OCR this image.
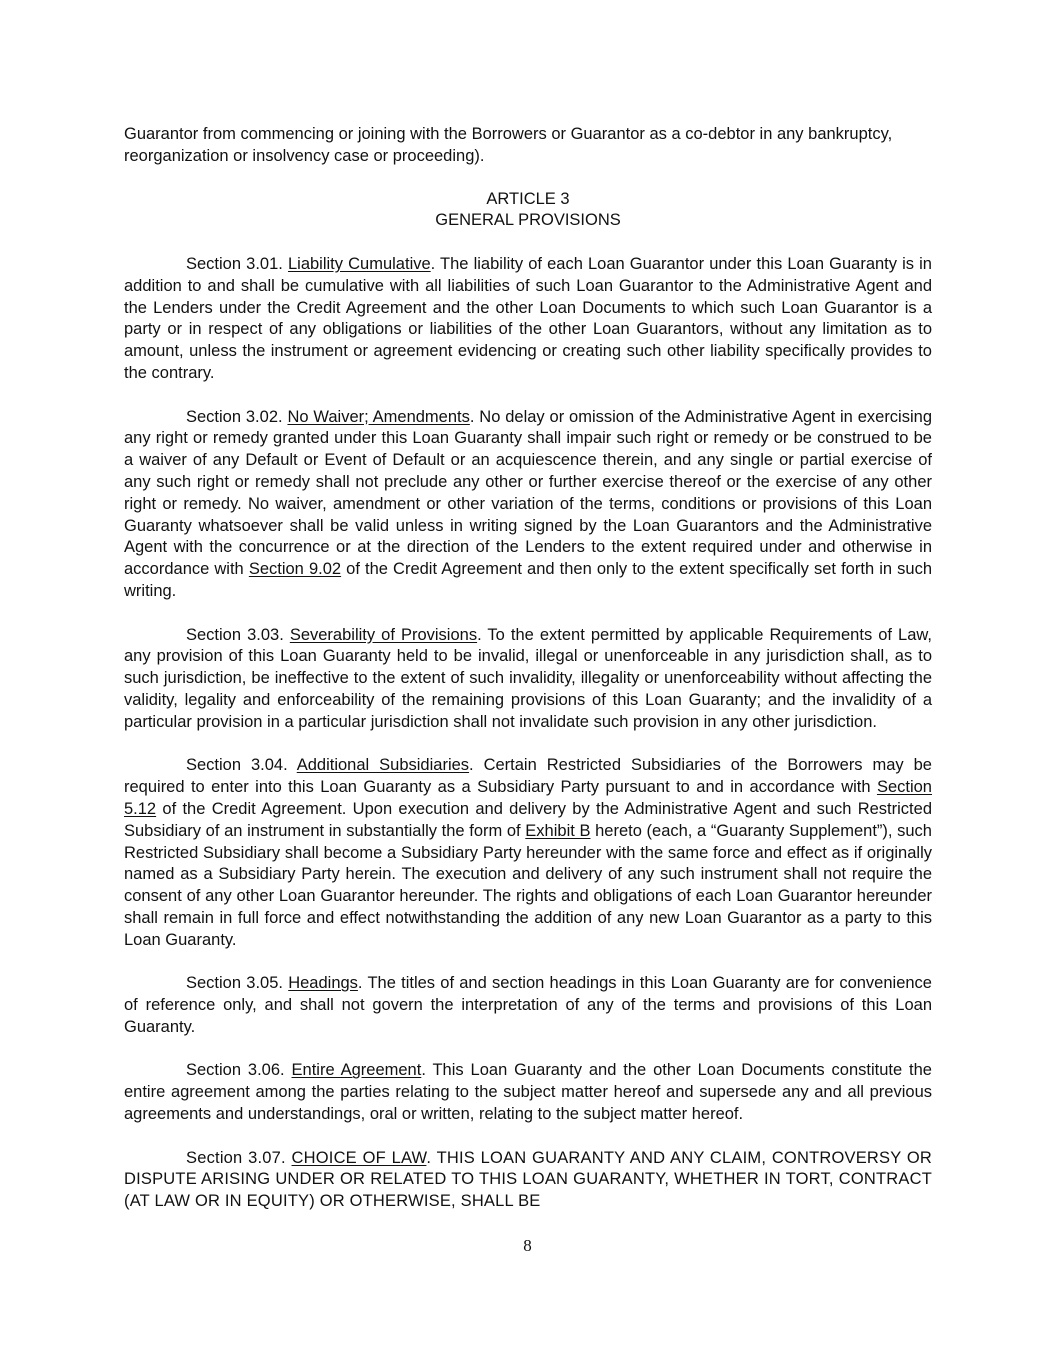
Guarantor from commencing or joining with the Borrowers or Guarantor as a co-debtor in any bankruptcy, reorganization or insolvency case or proceeding).

ARTICLE 3
GENERAL PROVISIONS

Section 3.01. Liability Cumulative. The liability of each Loan Guarantor under this Loan Guaranty is in addition to and shall be cumulative with all liabilities of such Loan Guarantor to the Administrative Agent and the Lenders under the Credit Agreement and the other Loan Documents to which such Loan Guarantor is a party or in respect of any obligations or liabilities of the other Loan Guarantors, without any limitation as to amount, unless the instrument or agreement evidencing or creating such other liability specifically provides to the contrary.

Section 3.02. No Waiver; Amendments. No delay or omission of the Administrative Agent in exercising any right or remedy granted under this Loan Guaranty shall impair such right or remedy or be construed to be a waiver of any Default or Event of Default or an acquiescence therein, and any single or partial exercise of any such right or remedy shall not preclude any other or further exercise thereof or the exercise of any other right or remedy. No waiver, amendment or other variation of the terms, conditions or provisions of this Loan Guaranty whatsoever shall be valid unless in writing signed by the Loan Guarantors and the Administrative Agent with the concurrence or at the direction of the Lenders to the extent required under and otherwise in accordance with Section 9.02 of the Credit Agreement and then only to the extent specifically set forth in such writing.

Section 3.03. Severability of Provisions. To the extent permitted by applicable Requirements of Law, any provision of this Loan Guaranty held to be invalid, illegal or unenforceable in any jurisdiction shall, as to such jurisdiction, be ineffective to the extent of such invalidity, illegality or unenforceability without affecting the validity, legality and enforceability of the remaining provisions of this Loan Guaranty; and the invalidity of a particular provision in a particular jurisdiction shall not invalidate such provision in any other jurisdiction.

Section 3.04. Additional Subsidiaries. Certain Restricted Subsidiaries of the Borrowers may be required to enter into this Loan Guaranty as a Subsidiary Party pursuant to and in accordance with Section 5.12 of the Credit Agreement. Upon execution and delivery by the Administrative Agent and such Restricted Subsidiary of an instrument in substantially the form of Exhibit B hereto (each, a “Guaranty Supplement”), such Restricted Subsidiary shall become a Subsidiary Party hereunder with the same force and effect as if originally named as a Subsidiary Party herein. The execution and delivery of any such instrument shall not require the consent of any other Loan Guarantor hereunder. The rights and obligations of each Loan Guarantor hereunder shall remain in full force and effect notwithstanding the addition of any new Loan Guarantor as a party to this Loan Guaranty.

Section 3.05. Headings. The titles of and section headings in this Loan Guaranty are for convenience of reference only, and shall not govern the interpretation of any of the terms and provisions of this Loan Guaranty.

Section 3.06. Entire Agreement. This Loan Guaranty and the other Loan Documents constitute the entire agreement among the parties relating to the subject matter hereof and supersede any and all previous agreements and understandings, oral or written, relating to the subject matter hereof.

Section 3.07. CHOICE OF LAW. THIS LOAN GUARANTY AND ANY CLAIM, CONTROVERSY OR DISPUTE ARISING UNDER OR RELATED TO THIS LOAN GUARANTY, WHETHER IN TORT, CONTRACT (AT LAW OR IN EQUITY) OR OTHERWISE, SHALL BE

8
